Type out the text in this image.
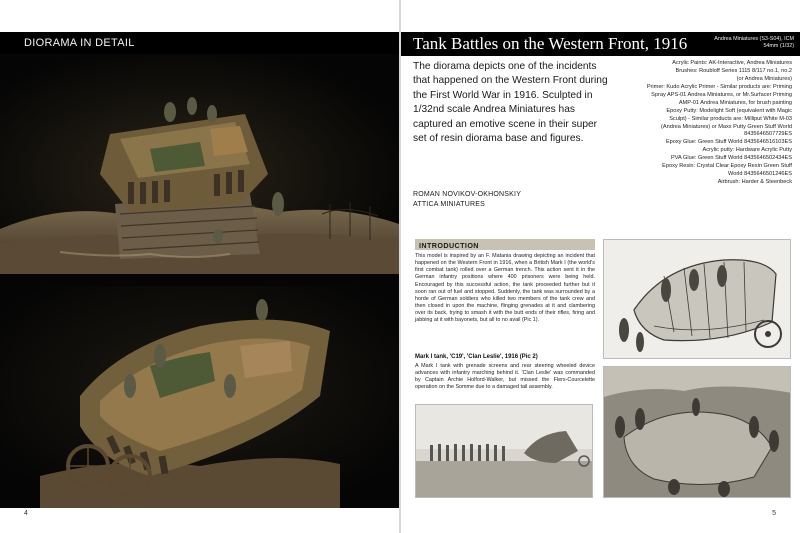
DIORAMA IN DETAIL
4
Tank Battles on the Western Front, 1916	Andrea Miniatures (S3-S04), ICM
54mm (1/32)
The diorama depicts one of the incidents that happened on the Western Front during the First World War in 1916. Sculpted in 1/32nd scale Andrea Miniatures has captured an emotive scene in their super set of resin diorama base and figures.
ROMAN NOVIKOV-OKHONSKIY
ATTICA MINIATURES
Acrylic Paints: AK-Interactive, Andrea Miniatures
Brushes: Roubloff Series 1115 8/117 no.1, no.2
(or Andrea Miniatures)
Primer: Kudo Acrylic Primer - Similar products are: Priming
Spray APS-01 Andrea Miniatures, or Mr.Surfacer Priming
AMP-01 Andrea Miniatures, for brush painting
Epoxy Putty: Modelight Soft (equivalent with Magic
Sculpt) - Similar products are: Milliput White M-03
(Andrea Miniatures) or Maxx Putty Green Stuff World
8435646507729ES
Epoxy Glue: Green Stuff World 8435646516103ES
Acrylic putty: Hardware Acrylic Putty
PVA Glue: Green Stuff World 8435646502434ES
Epoxy Resin: Crystal Clear Epoxy Resin Green Stuff
World 8435646501246ES
Airbrush: Harder & Steenbeck
INTRODUCTION
This model is inspired by an F. Matania drawing depicting an incident that happened on the Western Front in 1916, when a British Mark I (the world's first combat tank) rolled over a German trench. This action sent it in the German infantry positions where 400 prisoners were being held. Encouraged by this successful action, the tank proceeded further but it soon ran out of fuel and stopped. Suddenly, the tank was surrounded by a horde of German soldiers who killed two members of the tank crew and then closed in upon the machine, flinging grenades at it and clambering over its back, trying to smash it with the butt ends of their rifles, firing and jabbing at it with bayonets, but all to no avail (Pic 1).
Mark I tank, 'C19', 'Clan Leslie', 1916 (Pic 2)
A Mark I tank with grenade screens and rear steering wheeled device advances with infantry marching behind it. 'Clan Leslie' was commanded by Captain Archie Holford-Walker, but missed the Flers-Courcelette operation on the Somme due to a damaged tail assembly.
5
